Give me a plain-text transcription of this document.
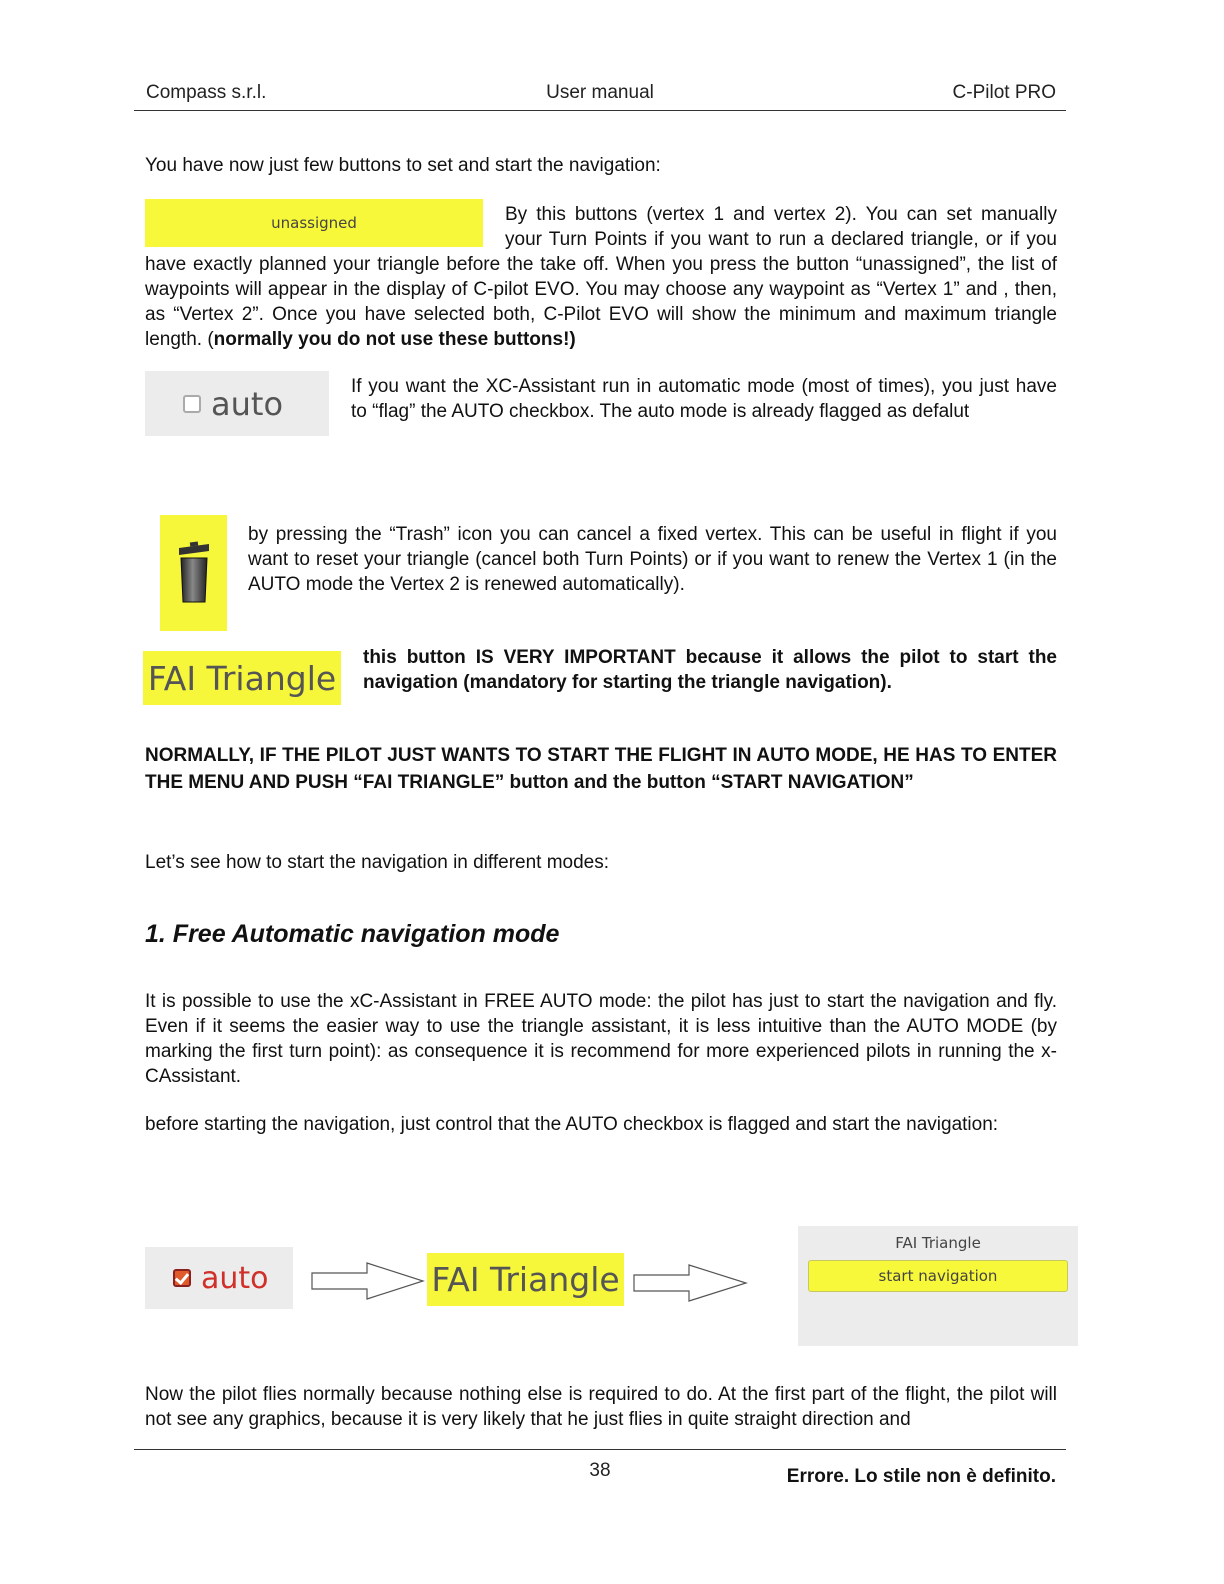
Compass s.r.l.	User manual	C-Pilot PRO
You have now just few buttons to set and start the navigation:
unassigned	By this buttons (vertex 1 and vertex 2). You can set manually your Turn Points if you want to run a declared triangle, or if you have exactly planned your triangle before the take off. When you press the button “unassigned”, the list of waypoints will appear in the display of C-pilot EVO. You may choose any waypoint as “Vertex 1” and , then, as “Vertex 2”. Once you have selected both, C-Pilot EVO will show the minimum and maximum triangle length. (normally you do not use these buttons!)
auto	If you want the XC-Assistant run in automatic mode (most of times), you just have to “flag” the AUTO checkbox. The auto mode is already flagged as defalut
by pressing the “Trash” icon you can cancel a fixed vertex. This can be useful in flight if you want to reset your triangle (cancel both Turn Points) or if you want to renew the Vertex 1 (in the AUTO mode the Vertex 2 is renewed automatically).
FAI Triangle
this button IS VERY IMPORTANT because it allows the pilot to start the navigation (mandatory for starting the triangle navigation).
NORMALLY, IF THE PILOT JUST WANTS TO START THE FLIGHT IN AUTO MODE, HE HAS TO ENTER THE MENU AND PUSH “FAI TRIANGLE” button and the button “START NAVIGATION”
Let’s see how to start the navigation in different modes:
1. Free Automatic navigation mode
It is possible to use the xC-Assistant in FREE AUTO mode: the pilot has just to start the navigation and fly. Even if it seems the easier way to use the triangle assistant, it is less intuitive than the AUTO MODE (by marking the first turn point): as consequence it is recommend for more experienced pilots in running the x-CAssistant.
before starting the navigation, just control that the AUTO checkbox is flagged and start the navigation:
auto	FAI Triangle
FAI Triangle
start navigation
Now the pilot flies normally because nothing else is required to do. At the first part of the flight, the pilot will not see any graphics, because it is very likely that he just flies in quite straight direction and
38	Errore. Lo stile non è definito.
